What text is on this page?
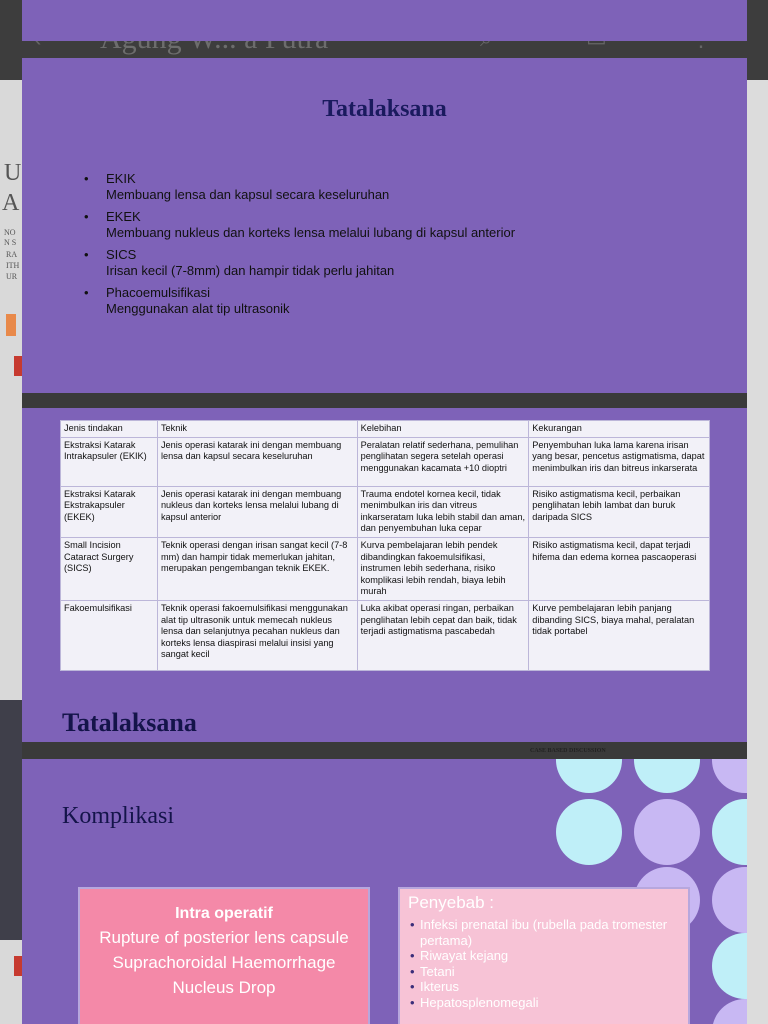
U
A
NO
N S
RA
ITH
UR
Tatalaksana
• EKIK
Membuang lensa dan kapsul secara keseluruhan
• EKEK
Membuang nukleus dan korteks lensa melalui lubang di kapsul anterior
• SICS
Irisan kecil (7-8mm) dan hampir tidak perlu jahitan
• Phacoemulsifikasi
Menggunakan alat tip ultrasonik
Jenis tindakan	Teknik	Kelebihan	Kekurangan
Ekstraksi Katarak Intrakapsuler (EKIK)	Jenis operasi katarak ini dengan membuang lensa dan kapsul secara keseluruhan	Peralatan relatif sederhana, pemulihan penglihatan segera setelah operasi menggunakan kacamata +10 dioptri	Penyembuhan luka lama karena irisan yang besar, pencetus astigmatisma, dapat menimbulkan iris dan bitreus inkarserata
Ekstraksi Katarak Ekstrakapsuler (EKEK)	Jenis operasi katarak ini dengan membuang nukleus dan korteks lensa melalui lubang di kapsul anterior	Trauma endotel kornea kecil, tidak menimbulkan iris dan vitreus inkarseratam luka lebih stabil dan aman, dan penyembuhan luka cepar	Risiko astigmatisma kecil, perbaikan penglihatan lebih lambat dan buruk daripada SICS
Small Incision Cataract Surgery (SICS)	Teknik operasi dengan irisan sangat kecil (7-8 mm) dan hampir tidak memerlukan jahitan, merupakan pengembangan teknik EKEK.	Kurva pembelajaran lebih pendek dibandingkan fakoemulsifikasi, instrumen lebih sederhana, risiko komplikasi lebih rendah, biaya lebih murah	Risiko astigmatisma kecil, dapat terjadi hifema dan edema kornea pascaoperasi
Fakoemulsifikasi	Teknik operasi fakoemulsifikasi menggunakan alat tip ultrasonik untuk memecah nukleus lensa dan selanjutnya pecahan nukleus dan korteks lensa diaspirasi melalui insisi yang sangat kecil	Luka akibat operasi ringan, perbaikan penglihatan lebih cepat dan baik, tidak terjadi astigmatisma pascabedah	Kurve pembelajaran lebih panjang dibanding SICS, biaya mahal, peralatan tidak portabel
Tatalaksana
Komplikasi
Intra operatif
Rupture of posterior lens capsule
Suprachoroidal Haemorrhage
Nucleus Drop
Penyebab :
• Infeksi prenatal ibu (rubella pada tromester pertama)
• Riwayat kejang
• Tetani
• Ikterus
• Hepatosplenomegali
CASE BASED DISCUSSION
